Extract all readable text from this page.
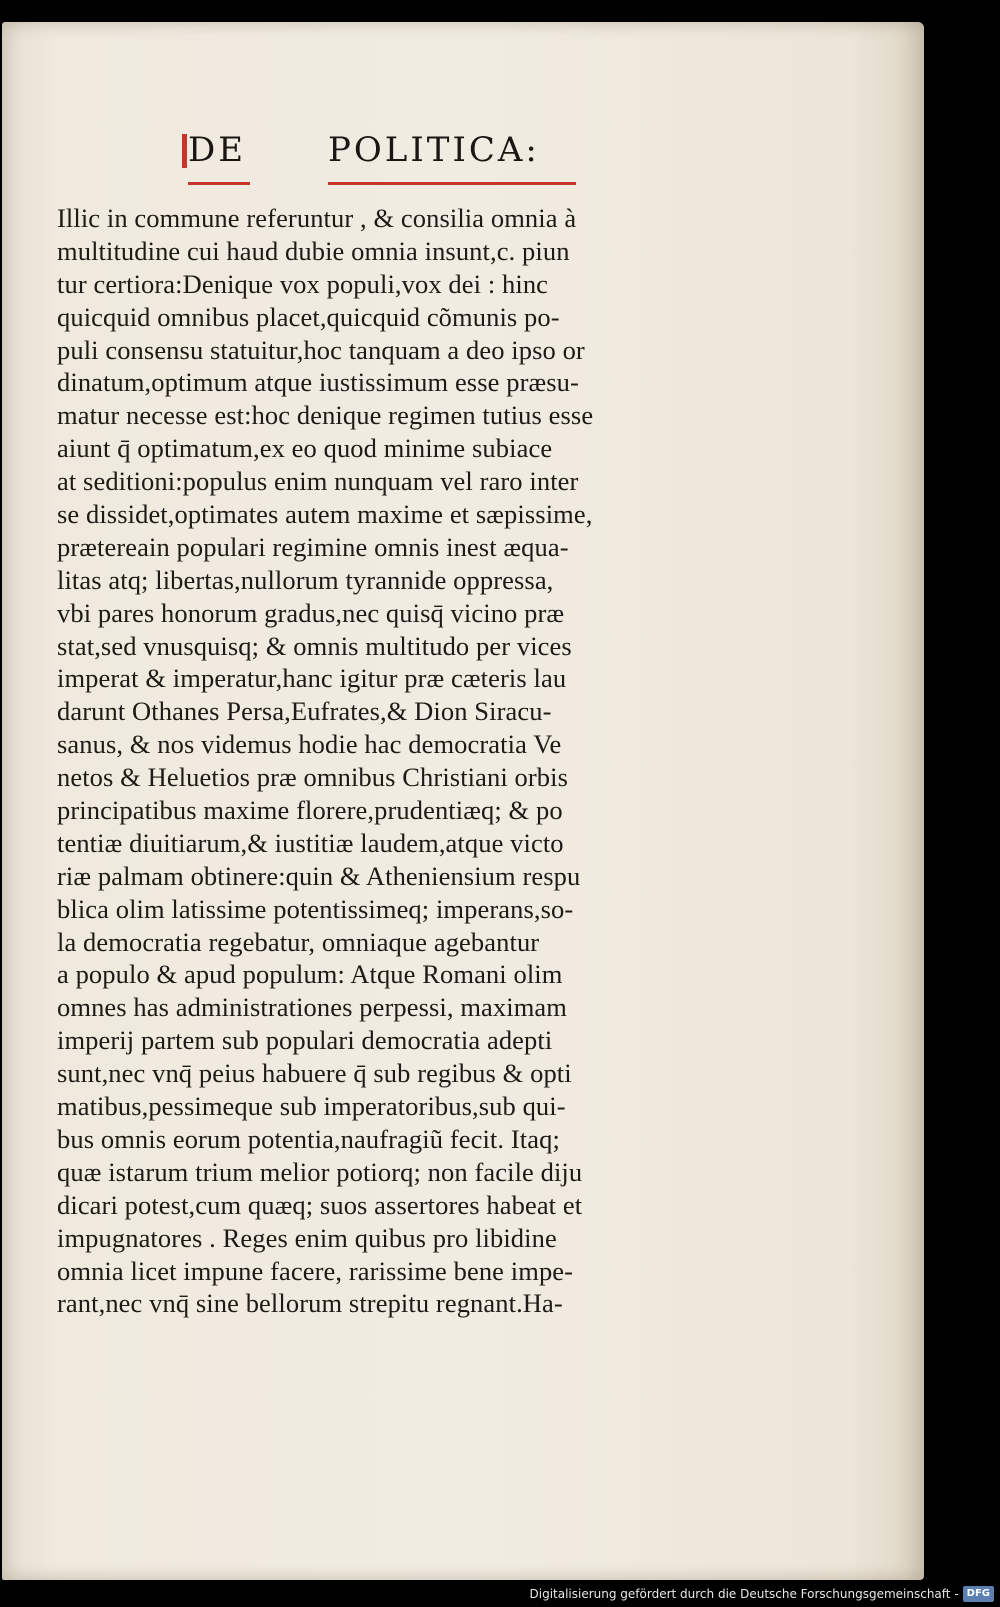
DE POLITICA:
Illic in commune referuntur , & consilia omnia à
multitudine cui haud dubie omnia insunt,c. piun
tur certiora:Denique vox populi,vox dei : hinc
quicquid omnibus placet,quicquid cõmunis po-
puli consensu statuitur,hoc tanquam a deo ipso or
dinatum,optimum atque iustissimum esse præsu-
matur necesse est:hoc denique regimen tutius esse
aiunt q̄ optimatum,ex eo quod minime subiace
at seditioni:populus enim nunquam vel raro inter
se dissidet,optimates autem maxime et sæpissime,
prætereain populari regimine omnis inest æqua-
litas atq; libertas,nullorum tyrannide oppressa,
vbi pares honorum gradus,nec quisq̄ vicino præ
stat,sed vnusquisq; & omnis multitudo per vices
imperat & imperatur,hanc igitur præ cæteris lau
darunt Othanes Persa,Eufrates,& Dion Siracu-
sanus, & nos videmus hodie hac democratia Ve
netos & Heluetios præ omnibus Christiani orbis
principatibus maxime florere,prudentiæq; & po
tentiæ diuitiarum,& iustitiæ laudem,atque victo
riæ palmam obtinere:quin & Atheniensium respu
blica olim latissime potentissimeq; imperans,so-
la democratia regebatur, omniaque agebantur
a populo & apud populum: Atque Romani olim
omnes has administrationes perpessi, maximam
imperij partem sub populari democratia adepti
sunt,nec vnq̄ peius habuere q̄ sub regibus & opti
matibus,pessimeque sub imperatoribus,sub qui-
bus omnis eorum potentia,naufragiũ fecit. Itaq;
quæ istarum trium melior potiorq; non facile diju
dicari potest,cum quæq; suos assertores habeat et
impugnatores . Reges enim quibus pro libidine
omnia licet impune facere, rarissime bene impe-
rant,nec vnq̄ sine bellorum strepitu regnant.Ha-
Digitalisierung gefördert durch die Deutsche Forschungsgemeinschaft - DFG
